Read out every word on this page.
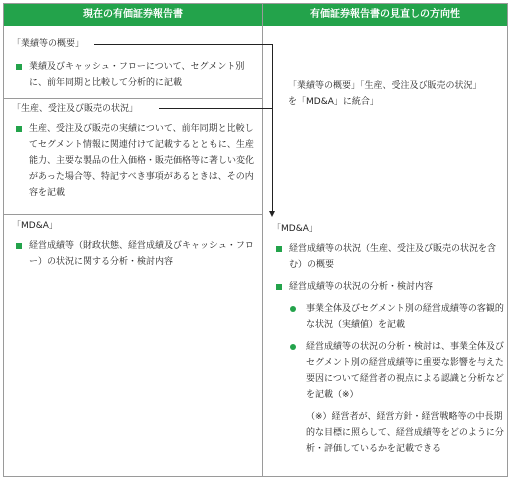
現在の有価証券報告書	有価証券報告書の見直しの方向性
「業績等の概要」
業績及びキャッシュ・フローについて、セグメント別に、前年同期と比較して分析的に記載
「生産、受注及び販売の状況」
生産、受注及び販売の実績について、前年同期と比較してセグメント情報に関連付けて記載するとともに、生産能力、主要な製品の仕入価格・販売価格等に著しい変化があった場合等、特記すべき事項があるときは、その内容を記載
「MD&A」
経営成績等（財政状態、経営成績及びキャッシュ・フロー）の状況に関する分析・検討内容
「業績等の概要」「生産、受注及び販売の状況」
を「MD&A」に統合」
「MD&A」
経営成績等の状況（生産、受注及び販売の状況を含む）の概要
経営成績等の状況の分析・検討内容
事業全体及びセグメント別の経営成績等の客観的な状況（実績値）を記載
経営成績等の状況の分析・検討は、事業全体及びセグメント別の経営成績等に重要な影響を与えた要因について経営者の視点による認識と分析などを記載（※）
（※）経営者が、経営方針・経営戦略等の中長期的な目標に照らして、経営成績等をどのように分析・評価しているかを記載できる
